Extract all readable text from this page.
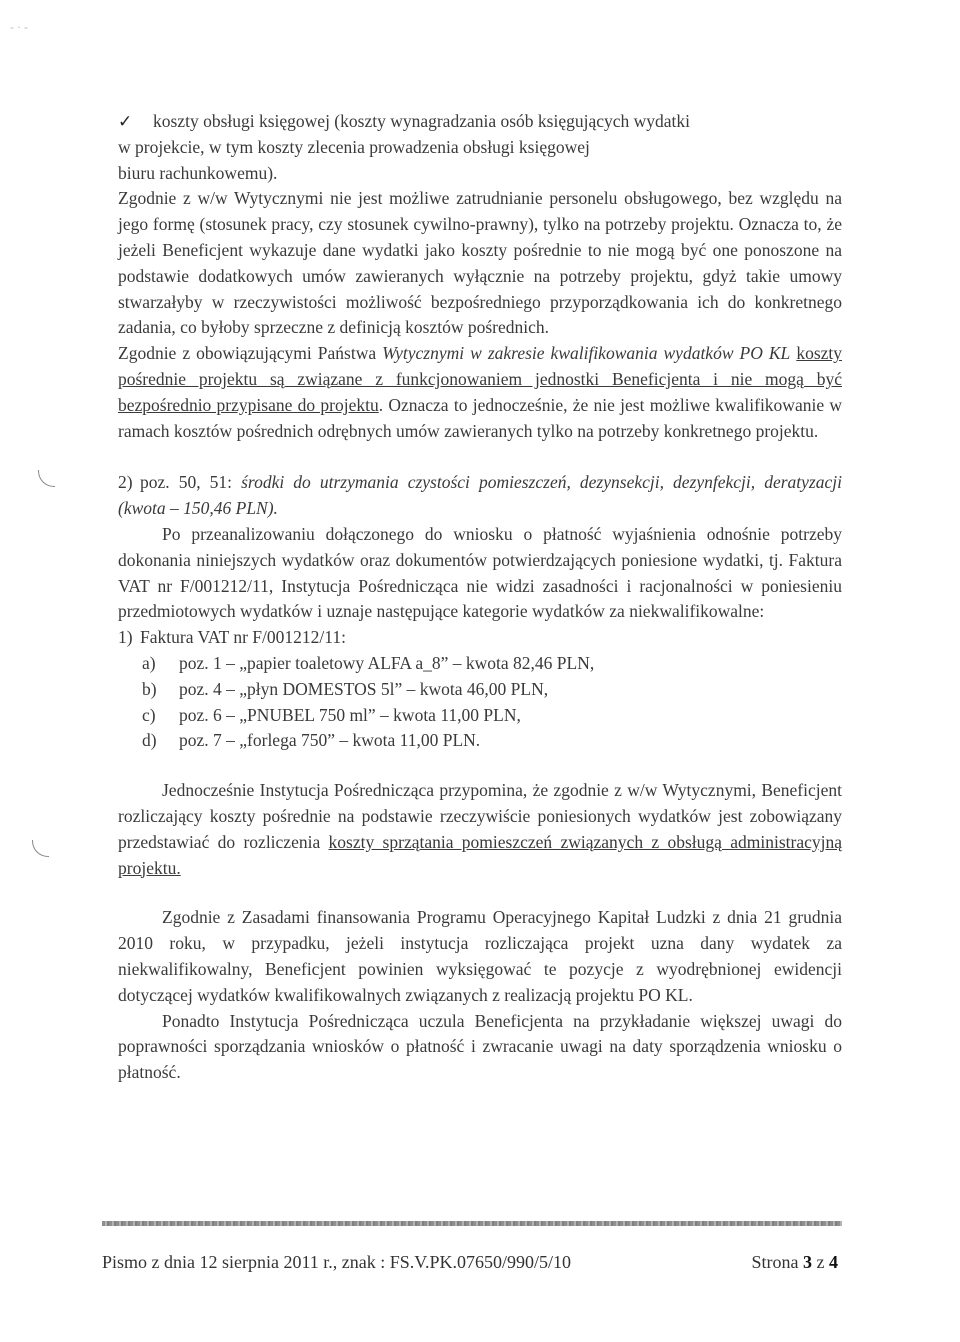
- · -

✓ koszty obsługi księgowej (koszty wynagradzania osób księgujących wydatki

w projekcie, w tym koszty zlecenia prowadzenia obsługi księgowej

biuru rachunkowemu).

Zgodnie z w/w Wytycznymi nie jest możliwe zatrudnianie personelu obsługowego, bez względu na jego formę (stosunek pracy, czy stosunek cywilno-prawny), tylko na potrzeby projektu. Oznacza to, że jeżeli Beneficjent wykazuje dane wydatki jako koszty pośrednie to nie mogą być one ponoszone na podstawie dodatkowych umów zawieranych wyłącznie na potrzeby projektu, gdyż takie umowy stwarzałyby w rzeczywistości możliwość bezpośredniego przyporządkowania ich do konkretnego zadania, co byłoby sprzeczne z definicją kosztów pośrednich.

Zgodnie z obowiązującymi Państwa Wytycznymi w zakresie kwalifikowania wydatków PO KL koszty pośrednie projektu są związane z funkcjonowaniem jednostki Beneficjenta i nie mogą być bezpośrednio przypisane do projektu. Oznacza to jednocześnie, że nie jest możliwe kwalifikowanie w ramach kosztów pośrednich odrębnych umów zawieranych tylko na potrzeby konkretnego projektu.

2) poz. 50, 51: środki do utrzymania czystości pomieszczeń, dezynsekcji, dezynfekcji, deratyzacji (kwota – 150,46 PLN).

Po przeanalizowaniu dołączonego do wniosku o płatność wyjaśnienia odnośnie potrzeby dokonania niniejszych wydatków oraz dokumentów potwierdzających poniesione wydatki, tj. Faktura VAT nr F/001212/11, Instytucja Pośrednicząca nie widzi zasadności i racjonalności w poniesieniu przedmiotowych wydatków i uznaje następujące kategorie wydatków za niekwalifikowalne:

1) Faktura VAT nr F/001212/11:

a) poz. 1 – „papier toaletowy ALFA a_8” – kwota 82,46 PLN,
b) poz. 4 – „płyn DOMESTOS 5l” – kwota 46,00 PLN,
c) poz. 6 – „PNUBEL 750 ml” – kwota 11,00 PLN,
d) poz. 7 – „forlega 750” – kwota 11,00 PLN.

Jednocześnie Instytucja Pośrednicząca przypomina, że zgodnie z w/w Wytycznymi, Beneficjent rozliczający koszty pośrednie na podstawie rzeczywiście poniesionych wydatków jest zobowiązany przedstawiać do rozliczenia koszty sprzątania pomieszczeń związanych z obsługą administracyjną projektu.

Zgodnie z Zasadami finansowania Programu Operacyjnego Kapitał Ludzki z dnia 21 grudnia 2010 roku, w przypadku, jeżeli instytucja rozliczająca projekt uzna dany wydatek za niekwalifikowalny, Beneficjent powinien wyksięgować te pozycje z wyodrębnionej ewidencji dotyczącej wydatków kwalifikowalnych związanych z realizacją projektu PO KL.

Ponadto Instytucja Pośrednicząca uczula Beneficjenta na przykładanie większej uwagi do poprawności sporządzania wniosków o płatność i zwracanie uwagi na daty sporządzenia wniosku o płatność.

Pismo z dnia 12 sierpnia 2011 r., znak : FS.V.PK.07650/990/5/10	Strona 3 z 4
